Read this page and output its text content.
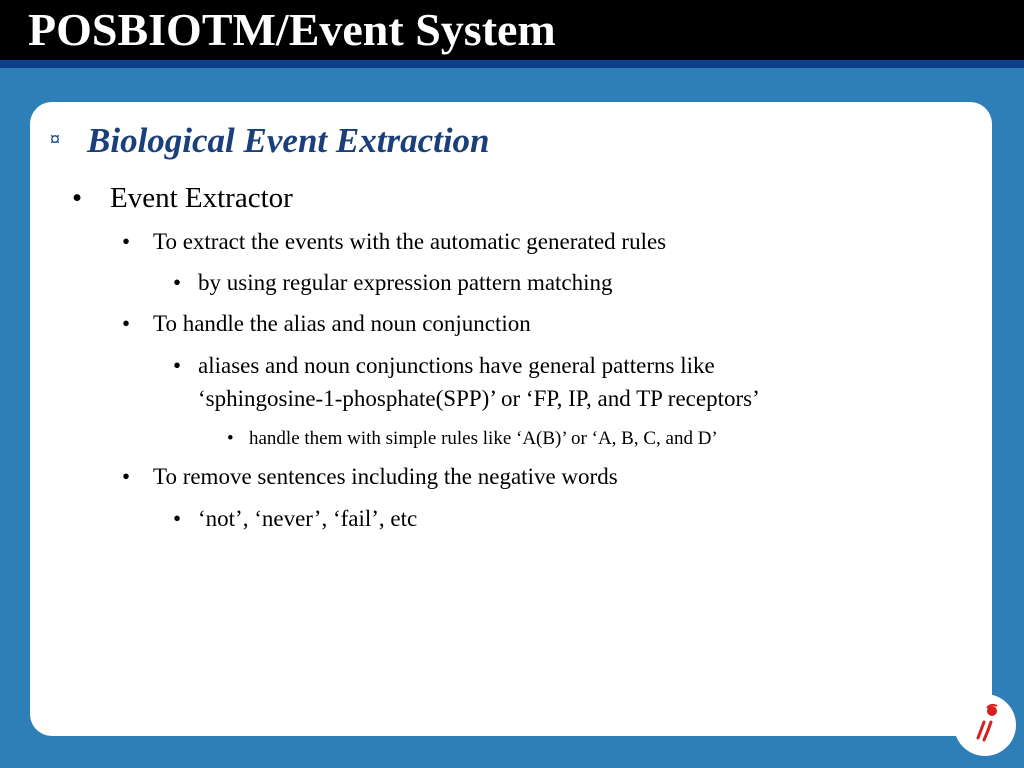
POSBIOTM/Event System
¤ Biological Event Extraction
• Event Extractor
• To extract the events with the automatic generated rules
• by using regular expression pattern matching
• To handle the alias and noun conjunction
• aliases and noun conjunctions have general patterns like
‘sphingosine-1-phosphate(SPP)’ or ‘FP, IP, and TP receptors’
• handle them with simple rules like ‘A(B)’ or ‘A, B, C, and D’
• To remove sentences including the negative words
• ‘not’, ‘never’, ‘fail’, etc
